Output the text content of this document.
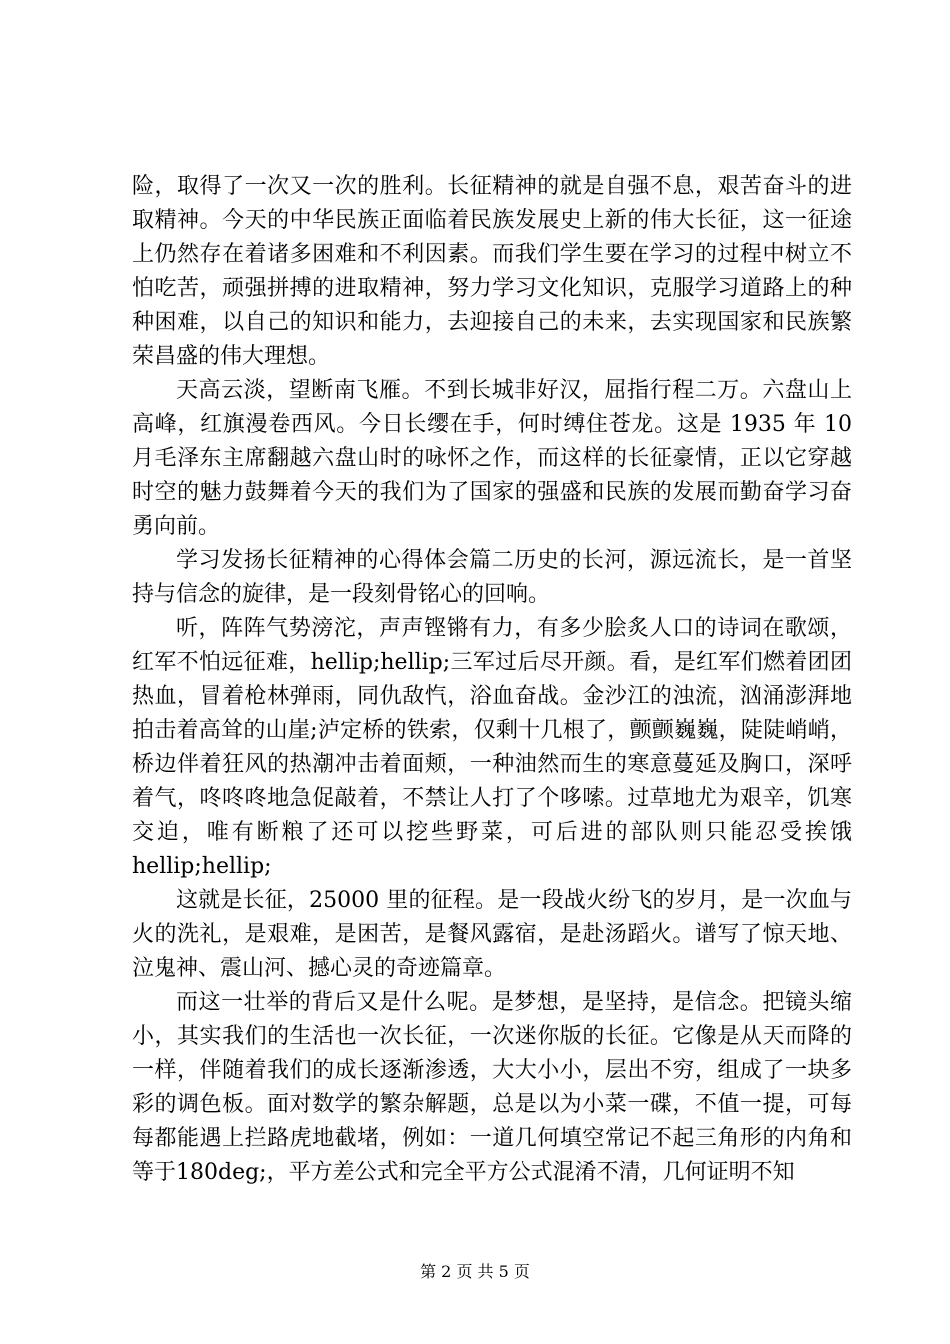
险，取得了一次又一次的胜利。长征精神的就是自强不息，艰苦奋斗的进取精神。今天的中华民族正面临着民族发展史上新的伟大长征，这一征途上仍然存在着诸多困难和不利因素。而我们学生要在学习的过程中树立不怕吃苦，顽强拼搏的进取精神，努力学习文化知识，克服学习道路上的种种困难，以自己的知识和能力，去迎接自己的未来，去实现国家和民族繁荣昌盛的伟大理想。

天高云淡，望断南飞雁。不到长城非好汉，屈指行程二万。六盘山上高峰，红旗漫卷西风。今日长缨在手，何时缚住苍龙。这是 1935 年 10 月毛泽东主席翻越六盘山时的咏怀之作，而这样的长征豪情，正以它穿越时空的魅力鼓舞着今天的我们为了国家的强盛和民族的发展而勤奋学习奋勇向前。

学习发扬长征精神的心得体会篇二历史的长河，源远流长，是一首坚持与信念的旋律，是一段刻骨铭心的回响。

听，阵阵气势滂沱，声声铿锵有力，有多少脍炙人口的诗词在歌颂，红军不怕远征难，hellip;hellip;三军过后尽开颜。看，是红军们燃着团团热血，冒着枪林弹雨，同仇敌忾，浴血奋战。金沙江的浊流，汹涌澎湃地拍击着高耸的山崖;泸定桥的铁索，仅剩十几根了，颤颤巍巍，陡陡峭峭，桥边伴着狂风的热潮冲击着面颊，一种油然而生的寒意蔓延及胸口，深呼着气，咚咚咚地急促敲着，不禁让人打了个哆嗦。过草地尤为艰辛，饥寒交迫，唯有断粮了还可以挖些野菜，可后进的部队则只能忍受挨饿hellip;hellip;

这就是长征，25000 里的征程。是一段战火纷飞的岁月，是一次血与火的洗礼，是艰难，是困苦，是餐风露宿，是赴汤蹈火。谱写了惊天地、泣鬼神、震山河、撼心灵的奇迹篇章。

而这一壮举的背后又是什么呢。是梦想，是坚持，是信念。把镜头缩小，其实我们的生活也一次长征，一次迷你版的长征。它像是从天而降的一样，伴随着我们的成长逐渐渗透，大大小小，层出不穷，组成了一块多彩的调色板。面对数学的繁杂解题，总是以为小菜一碟，不值一提，可每每都能遇上拦路虎地截堵，例如：一道几何填空常记不起三角形的内角和等于180deg;，平方差公式和完全平方公式混淆不清，几何证明不知

第 2 页 共 5 页
